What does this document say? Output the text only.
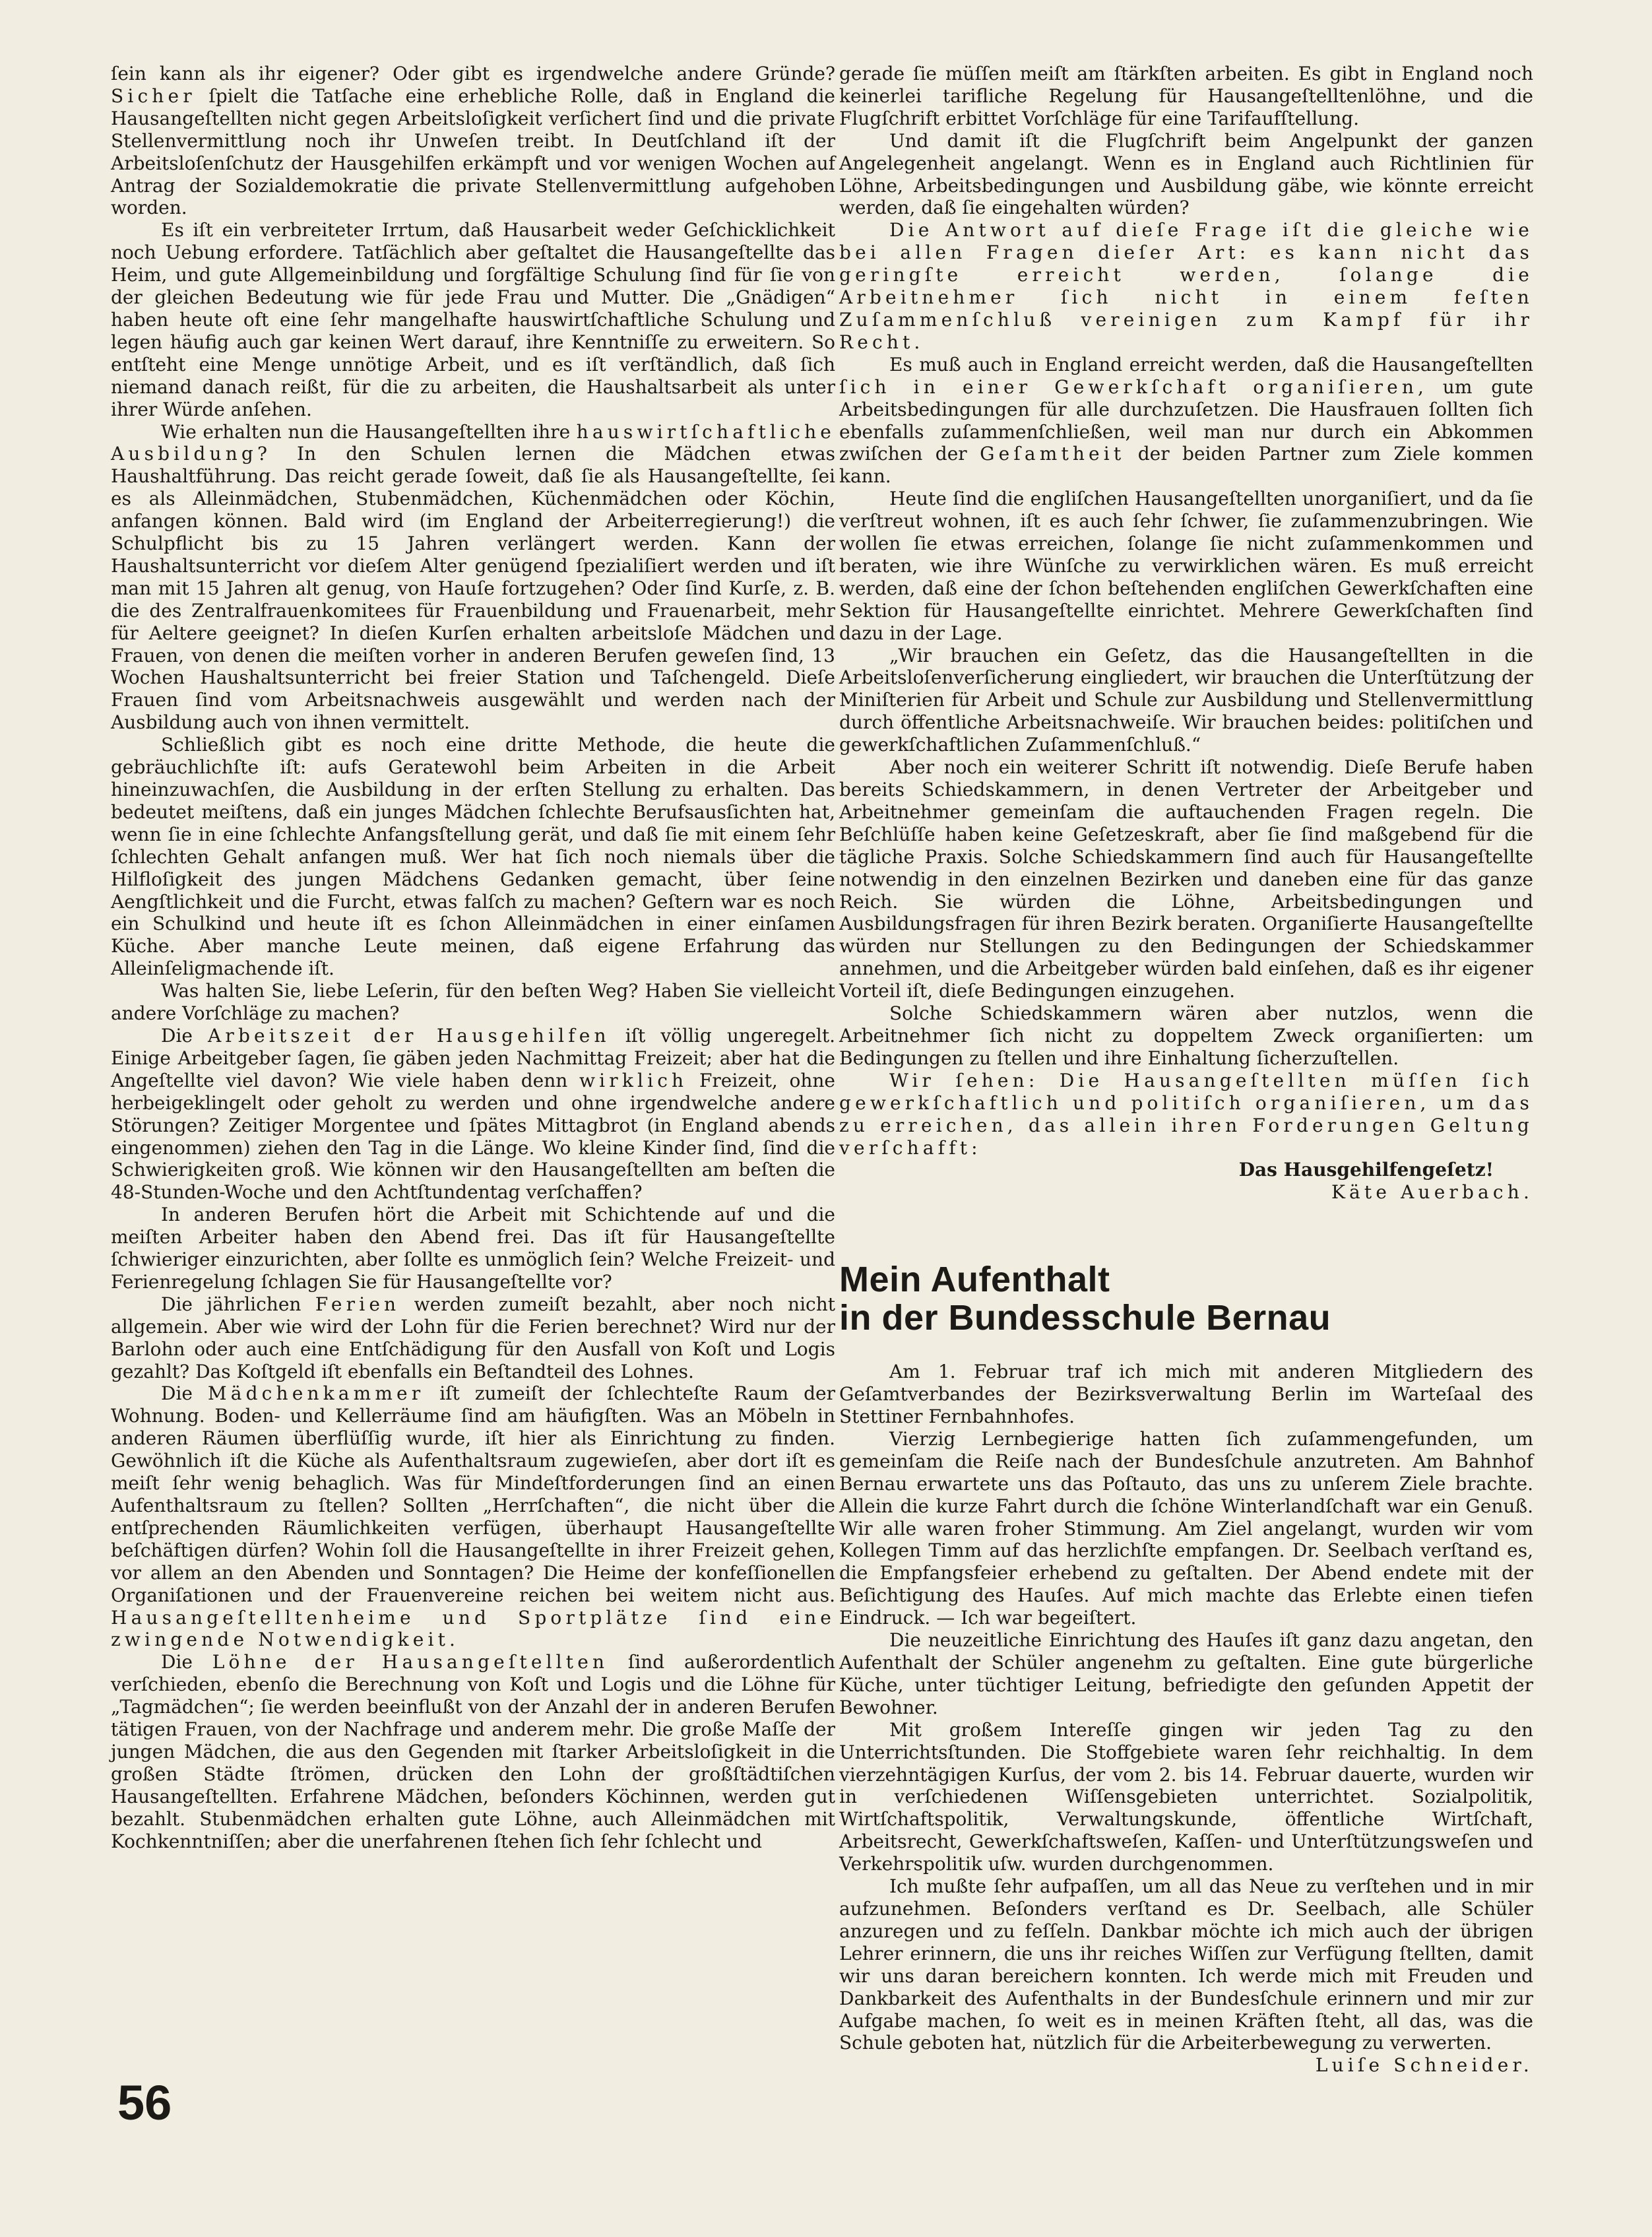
ſein kann als ihr eigener? Oder gibt es irgendwelche andere Gründe? Sicher ſpielt die Tatſache eine erhebliche Rolle, daß in England die Hausangeſtellten nicht gegen Arbeitsloſigkeit verſichert ſind und die private Stellenvermittlung noch ihr Unweſen treibt. In Deutſchland iſt der Arbeitsloſenſchutz der Hausgehilfen erkämpft und vor wenigen Wochen auf Antrag der Sozialdemokratie die private Stellenvermittlung aufgehoben worden.

Es iſt ein verbreiteter Irrtum, daß Hausarbeit weder Geſchicklichkeit noch Uebung erfordere. Tatſächlich aber geſtaltet die Hausangeſtellte das Heim, und gute Allgemeinbildung und ſorgfältige Schulung ſind für ſie von der gleichen Bedeutung wie für jede Frau und Mutter. Die „Gnädigen“ haben heute oft eine ſehr mangelhafte hauswirtſchaftliche Schulung und legen häufig auch gar keinen Wert darauf, ihre Kenntniſſe zu erweitern. So entſteht eine Menge unnötige Arbeit, und es iſt verſtändlich, daß ſich niemand danach reißt, für die zu arbeiten, die Haushaltsarbeit als unter ihrer Würde anſehen.

Wie erhalten nun die Hausangeſtellten ihre hauswirtſchaftliche Ausbildung? In den Schulen lernen die Mädchen etwas Haushaltführung. Das reicht gerade ſoweit, daß ſie als Hausangeſtellte, ſei es als Alleinmädchen, Stubenmädchen, Küchenmädchen oder Köchin, anfangen können. Bald wird (im England der Arbeiterregierung!) die Schulpflicht bis zu 15 Jahren verlängert werden. Kann der Haushaltsunterricht vor dieſem Alter genügend ſpezialiſiert werden und iſt man mit 15 Jahren alt genug, von Hauſe fortzugehen? Oder ſind Kurſe, z. B. die des Zentralfrauenkomitees für Frauenbildung und Frauenarbeit, mehr für Aeltere geeignet? In dieſen Kurſen erhalten arbeitsloſe Mädchen und Frauen, von denen die meiſten vorher in anderen Berufen geweſen ſind, 13 Wochen Haushaltsunterricht bei freier Station und Taſchengeld. Dieſe Frauen ſind vom Arbeitsnachweis ausgewählt und werden nach der Ausbildung auch von ihnen vermittelt.

Schließlich gibt es noch eine dritte Methode, die heute die gebräuchlichſte iſt: aufs Geratewohl beim Arbeiten in die Arbeit hineinzuwachſen, die Ausbildung in der erſten Stellung zu erhalten. Das bedeutet meiſtens, daß ein junges Mädchen ſchlechte Berufsausſichten hat, wenn ſie in eine ſchlechte Anfangsſtellung gerät, und daß ſie mit einem ſehr ſchlechten Gehalt anfangen muß. Wer hat ſich noch niemals über die Hilfloſigkeit des jungen Mädchens Gedanken gemacht, über ſeine Aengſtlichkeit und die Furcht, etwas falſch zu machen? Geſtern war es noch ein Schulkind und heute iſt es ſchon Alleinmädchen in einer einſamen Küche. Aber manche Leute meinen, daß eigene Erfahrung das Alleinſeligmachende iſt.

Was halten Sie, liebe Leſerin, für den beſten Weg? Haben Sie vielleicht andere Vorſchläge zu machen?

Die Arbeitszeit der Hausgehilfen iſt völlig ungeregelt. Einige Arbeitgeber ſagen, ſie gäben jeden Nachmittag Freizeit; aber hat die Angeſtellte viel davon? Wie viele haben denn wirklich Freizeit, ohne herbeigeklingelt oder geholt zu werden und ohne irgendwelche andere Störungen? Zeitiger Morgentee und ſpätes Mittagbrot (in England abends eingenommen) ziehen den Tag in die Länge. Wo kleine Kinder ſind, ſind die Schwierigkeiten groß. Wie können wir den Hausangeſtellten am beſten die 48-Stunden-Woche und den Achtſtundentag verſchaffen?

In anderen Berufen hört die Arbeit mit Schichtende auf und die meiſten Arbeiter haben den Abend frei. Das iſt für Hausangeſtellte ſchwieriger einzurichten, aber ſollte es unmöglich ſein? Welche Freizeit- und Ferienregelung ſchlagen Sie für Hausangeſtellte vor?

Die jährlichen Ferien werden zumeiſt bezahlt, aber noch nicht allgemein. Aber wie wird der Lohn für die Ferien berechnet? Wird nur der Barlohn oder auch eine Entſchädigung für den Ausfall von Koſt und Logis gezahlt? Das Koſtgeld iſt ebenfalls ein Beſtandteil des Lohnes.

Die Mädchenkammer iſt zumeiſt der ſchlechteſte Raum der Wohnung. Boden- und Kellerräume ſind am häufigſten. Was an Möbeln in anderen Räumen überflüſſig wurde, iſt hier als Einrichtung zu finden. Gewöhnlich iſt die Küche als Aufenthaltsraum zugewieſen, aber dort iſt es meiſt ſehr wenig behaglich. Was für Mindeſtforderungen ſind an einen Aufenthaltsraum zu ſtellen? Sollten „Herrſchaften“, die nicht über die entſprechenden Räumlichkeiten verfügen, überhaupt Hausangeſtellte beſchäftigen dürfen? Wohin ſoll die Hausangeſtellte in ihrer Freizeit gehen, vor allem an den Abenden und Sonntagen? Die Heime der konfeſſionellen Organiſationen und der Frauenvereine reichen bei weitem nicht aus. Hausangeſtelltenheime und Sportplätze ſind eine zwingende Notwendigkeit.

Die Löhne der Hausangeſtellten ſind außerordentlich verſchieden, ebenſo die Berechnung von Koſt und Logis und die Löhne für „Tagmädchen“; ſie werden beeinflußt von der Anzahl der in anderen Berufen tätigen Frauen, von der Nachfrage und anderem mehr. Die große Maſſe der jungen Mädchen, die aus den Gegenden mit ſtarker Arbeitsloſigkeit in die großen Städte ſtrömen, drücken den Lohn der großſtädtiſchen Hausangeſtellten. Erfahrene Mädchen, beſonders Köchinnen, werden gut bezahlt. Stubenmädchen erhalten gute Löhne, auch Alleinmädchen mit Kochkenntniſſen; aber die unerfahrenen ſtehen ſich ſehr ſchlecht und

gerade ſie müſſen meiſt am ſtärkſten arbeiten. Es gibt in England noch keinerlei tarifliche Regelung für Hausangeſtelltenlöhne, und die Flugſchrift erbittet Vorſchläge für eine Tarifaufſtellung.

Und damit iſt die Flugſchrift beim Angelpunkt der ganzen Angelegenheit angelangt. Wenn es in England auch Richtlinien für Löhne, Arbeitsbedingungen und Ausbildung gäbe, wie könnte erreicht werden, daß ſie eingehalten würden?

Die Antwort auf dieſe Frage iſt die gleiche wie bei allen Fragen dieſer Art: es kann nicht das geringſte erreicht werden, ſolange die Arbeitnehmer ſich nicht in einem feſten Zuſammenſchluß vereinigen zum Kampf für ihr Recht.

Es muß auch in England erreicht werden, daß die Hausangeſtellten ſich in einer Gewerkſchaft organiſieren, um gute Arbeitsbedingungen für alle durchzuſetzen. Die Hausfrauen ſollten ſich ebenfalls zuſammenſchließen, weil man nur durch ein Abkommen zwiſchen der Geſamtheit der beiden Partner zum Ziele kommen kann.

Heute ſind die engliſchen Hausangeſtellten unorganiſiert, und da ſie verſtreut wohnen, iſt es auch ſehr ſchwer, ſie zuſammenzubringen. Wie wollen ſie etwas erreichen, ſolange ſie nicht zuſammenkommen und beraten, wie ihre Wünſche zu verwirklichen wären. Es muß erreicht werden, daß eine der ſchon beſtehenden engliſchen Gewerkſchaften eine Sektion für Hausangeſtellte einrichtet. Mehrere Gewerkſchaften ſind dazu in der Lage.

„Wir brauchen ein Geſetz, das die Hausangeſtellten in die Arbeitsloſenverſicherung eingliedert, wir brauchen die Unterſtützung der Miniſterien für Arbeit und Schule zur Ausbildung und Stellenvermittlung durch öffentliche Arbeitsnachweiſe. Wir brauchen beides: politiſchen und gewerkſchaftlichen Zuſammenſchluß.“

Aber noch ein weiterer Schritt iſt notwendig. Dieſe Berufe haben bereits Schiedskammern, in denen Vertreter der Arbeitgeber und Arbeitnehmer gemeinſam die auftauchenden Fragen regeln. Die Beſchlüſſe haben keine Geſetzeskraft, aber ſie ſind maßgebend für die tägliche Praxis. Solche Schiedskammern ſind auch für Hausangeſtellte notwendig in den einzelnen Bezirken und daneben eine für das ganze Reich. Sie würden die Löhne, Arbeitsbedingungen und Ausbildungsfragen für ihren Bezirk beraten. Organiſierte Hausangeſtellte würden nur Stellungen zu den Bedingungen der Schiedskammer annehmen, und die Arbeitgeber würden bald einſehen, daß es ihr eigener Vorteil iſt, dieſe Bedingungen einzugehen.

Solche Schiedskammern wären aber nutzlos, wenn die Arbeitnehmer ſich nicht zu doppeltem Zweck organiſierten: um Bedingungen zu ſtellen und ihre Einhaltung ſicherzuſtellen.

Wir ſehen: Die Hausangeſtellten müſſen ſich gewerkſchaftlich und politiſch organiſieren, um das zu erreichen, das allein ihren Forderungen Geltung verſchafft:

Das Hausgehilfengeſetz!

Käte Auerbach.

Mein Aufenthalt
in der Bundesschule Bernau

Am 1. Februar traf ich mich mit anderen Mitgliedern des Geſamtverbandes der Bezirksverwaltung Berlin im Warteſaal des Stettiner Fernbahnhofes.

Vierzig Lernbegierige hatten ſich zuſammengefunden, um gemeinſam die Reiſe nach der Bundesſchule anzutreten. Am Bahnhof Bernau erwartete uns das Poſtauto, das uns zu unſerem Ziele brachte. Allein die kurze Fahrt durch die ſchöne Winterlandſchaft war ein Genuß. Wir alle waren froher Stimmung. Am Ziel angelangt, wurden wir vom Kollegen Timm auf das herzlichſte empfangen. Dr. Seelbach verſtand es, die Empfangsfeier erhebend zu geſtalten. Der Abend endete mit der Beſichtigung des Hauſes. Auf mich machte das Erlebte einen tiefen Eindruck. — Ich war begeiſtert.

Die neuzeitliche Einrichtung des Hauſes iſt ganz dazu angetan, den Aufenthalt der Schüler angenehm zu geſtalten. Eine gute bürgerliche Küche, unter tüchtiger Leitung, befriedigte den geſunden Appetit der Bewohner.

Mit großem Intereſſe gingen wir jeden Tag zu den Unterrichtsſtunden. Die Stoffgebiete waren ſehr reichhaltig. In dem vierzehntägigen Kurſus, der vom 2. bis 14. Februar dauerte, wurden wir in verſchiedenen Wiſſensgebieten unterrichtet. Sozialpolitik, Wirtſchaftspolitik, Verwaltungskunde, öffentliche Wirtſchaft, Arbeitsrecht, Gewerkſchaftsweſen, Kaſſen- und Unterſtützungsweſen und Verkehrspolitik uſw. wurden durchgenommen.

Ich mußte ſehr aufpaſſen, um all das Neue zu verſtehen und in mir aufzunehmen. Beſonders verſtand es Dr. Seelbach, alle Schüler anzuregen und zu feſſeln. Dankbar möchte ich mich auch der übrigen Lehrer erinnern, die uns ihr reiches Wiſſen zur Verfügung ſtellten, damit wir uns daran bereichern konnten. Ich werde mich mit Freuden und Dankbarkeit des Aufenthalts in der Bundesſchule erinnern und mir zur Aufgabe machen, ſo weit es in meinen Kräften ſteht, all das, was die Schule geboten hat, nützlich für die Arbeiterbewegung zu verwerten.

Luiſe Schneider.

56
